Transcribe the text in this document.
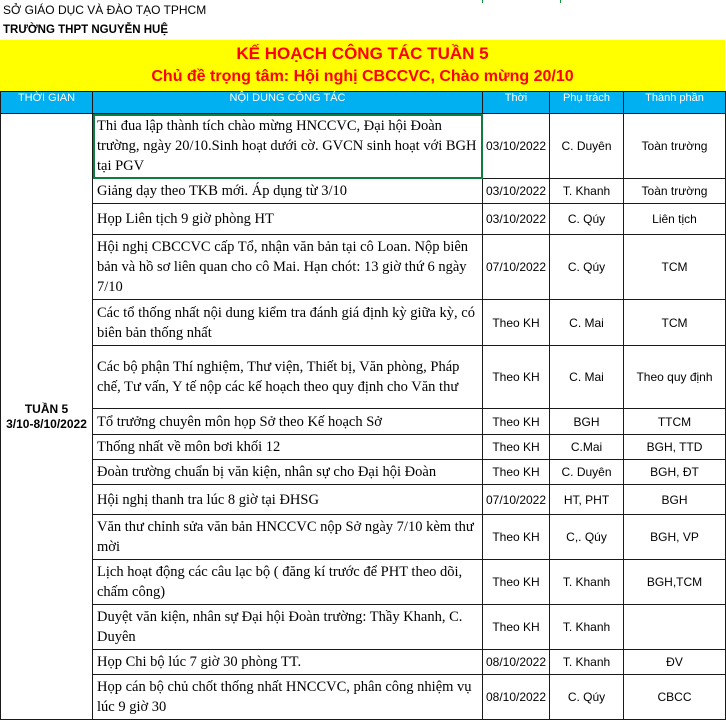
SỞ GIÁO DỤC VÀ ĐÀO TẠO TPHCM
TRƯỜNG THPT NGUYỄN HUỆ
KẾ HOẠCH CÔNG TÁC TUẦN 5
Chủ đề trọng tâm: Hội nghị CBCCVC, Chào mừng 20/10
THỜI GIAN	NỘI DUNG CÔNG TÁC	Thời	Phụ trách	Thành phần

TUẦN 5
3/10-8/10/2022	Thi đua lập thành tích chào mừng HNCCVC, Đại hội Đoàn trường, ngày 20/10.Sinh hoạt dưới cờ. GVCN sinh hoạt với BGH tại PGV	03/10/2022	C. Duyên	Toàn trường
	Giảng dạy theo TKB mới. Áp dụng từ 3/10	03/10/2022	T. Khanh	Toàn trường
	Họp Liên tịch 9 giờ phòng HT	03/10/2022	C. Qúy	Liên tịch
	Hội nghị CBCCVC cấp Tổ, nhận văn bản tại cô Loan. Nộp biên bản và hồ sơ liên quan cho cô Mai. Hạn chót: 13 giờ thứ 6 ngày 7/10	07/10/2022	C. Qúy	TCM
	Các tổ thống nhất nội dung kiểm tra đánh giá định kỳ giữa kỳ, có biên bản thống nhất	Theo KH	C. Mai	TCM
	Các bộ phận Thí nghiệm, Thư viện, Thiết bị, Văn phòng, Pháp chế, Tư vấn, Y tế nộp các kế hoạch theo quy định cho Văn thư	Theo KH	C. Mai	Theo quy định
	Tổ trưởng chuyên môn họp Sở theo Kế hoạch Sở	Theo KH	BGH	TTCM
	Thống nhất về môn bơi khối 12	Theo KH	C.Mai	BGH, TTD
	Đoàn trường chuẩn bị văn kiện, nhân sự cho Đại hội Đoàn	Theo KH	C. Duyên	BGH, ĐT
	Hội nghị thanh tra lúc 8 giờ tại ĐHSG	07/10/2022	HT, PHT	BGH
	Văn thư chỉnh sửa văn bản HNCCVC nộp Sở ngày 7/10 kèm thư mời	Theo KH	C,. Qúy	BGH, VP
	Lịch hoạt động các câu lạc bộ ( đăng kí trước để PHT theo dõi, chấm công)	Theo KH	T. Khanh	BGH,TCM
	Duyệt văn kiện, nhân sự Đại hội Đoàn trường: Thầy Khanh, C. Duyên	Theo KH	T. Khanh	
	Họp Chi bộ lúc 7 giờ 30 phòng TT.	08/10/2022	T. Khanh	ĐV
	Họp cán bộ chủ chốt thống nhất HNCCVC, phân công nhiệm vụ lúc 9 giờ 30	08/10/2022	C. Qúy	CBCC
